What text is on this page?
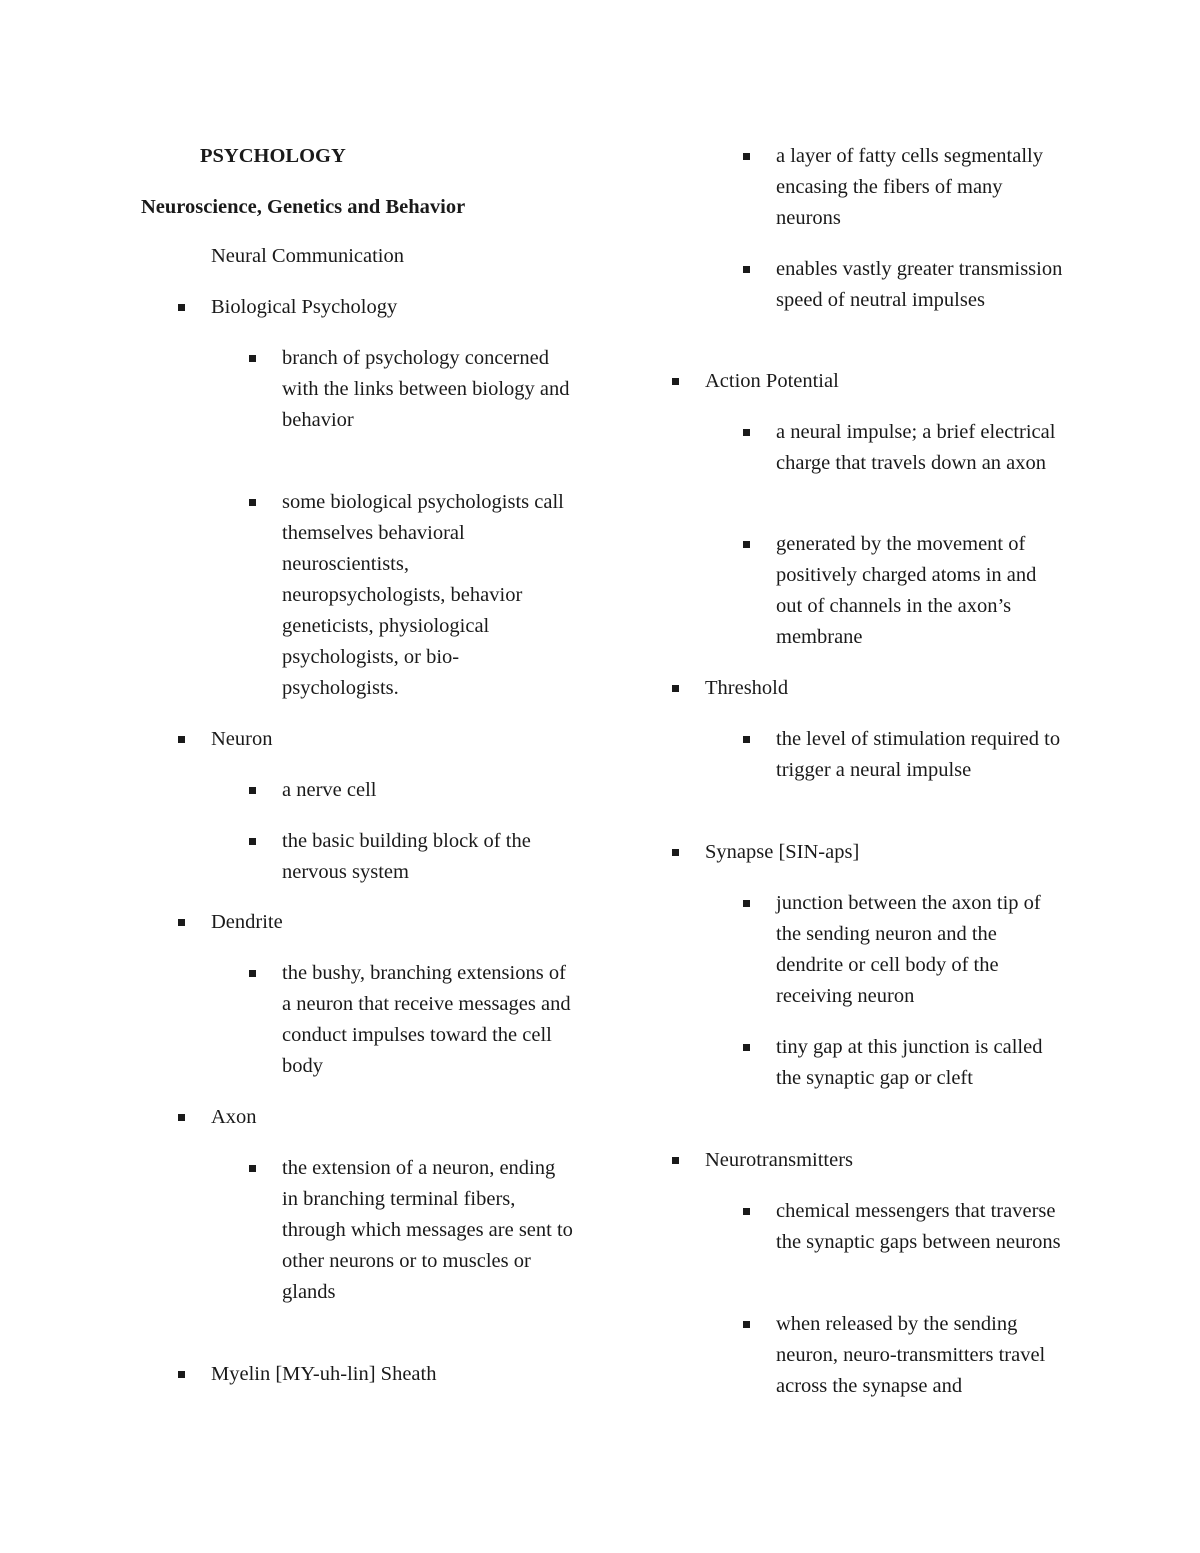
PSYCHOLOGY
Neuroscience, Genetics and Behavior
Neural Communication
Biological Psychology
branch of psychology concerned with the links between biology and behavior
some biological psychologists call themselves behavioral neuroscientists, neuropsychologists, behavior geneticists, physiological psychologists, or bio-psychologists.
Neuron
a nerve cell
the basic building block of the nervous system
Dendrite
the bushy, branching extensions of a neuron that receive messages and conduct impulses toward the cell body
Axon
the extension of a neuron, ending in branching terminal fibers, through which messages are sent to other neurons or to muscles or glands
Myelin [MY-uh-lin] Sheath
a layer of fatty cells segmentally encasing the fibers of many neurons
enables vastly greater transmission speed of neutral impulses
Action Potential
a neural impulse; a brief electrical charge that travels down an axon
generated by the movement of positively charged atoms in and out of channels in the axon’s membrane
Threshold
the level of stimulation required to trigger a neural impulse
Synapse [SIN-aps]
junction between the axon tip of the sending neuron and the dendrite or cell body of the receiving neuron
tiny gap at this junction is called the synaptic gap or cleft
Neurotransmitters
chemical messengers that traverse the synaptic gaps between neurons
when released by the sending neuron, neuro-transmitters travel across the synapse and
